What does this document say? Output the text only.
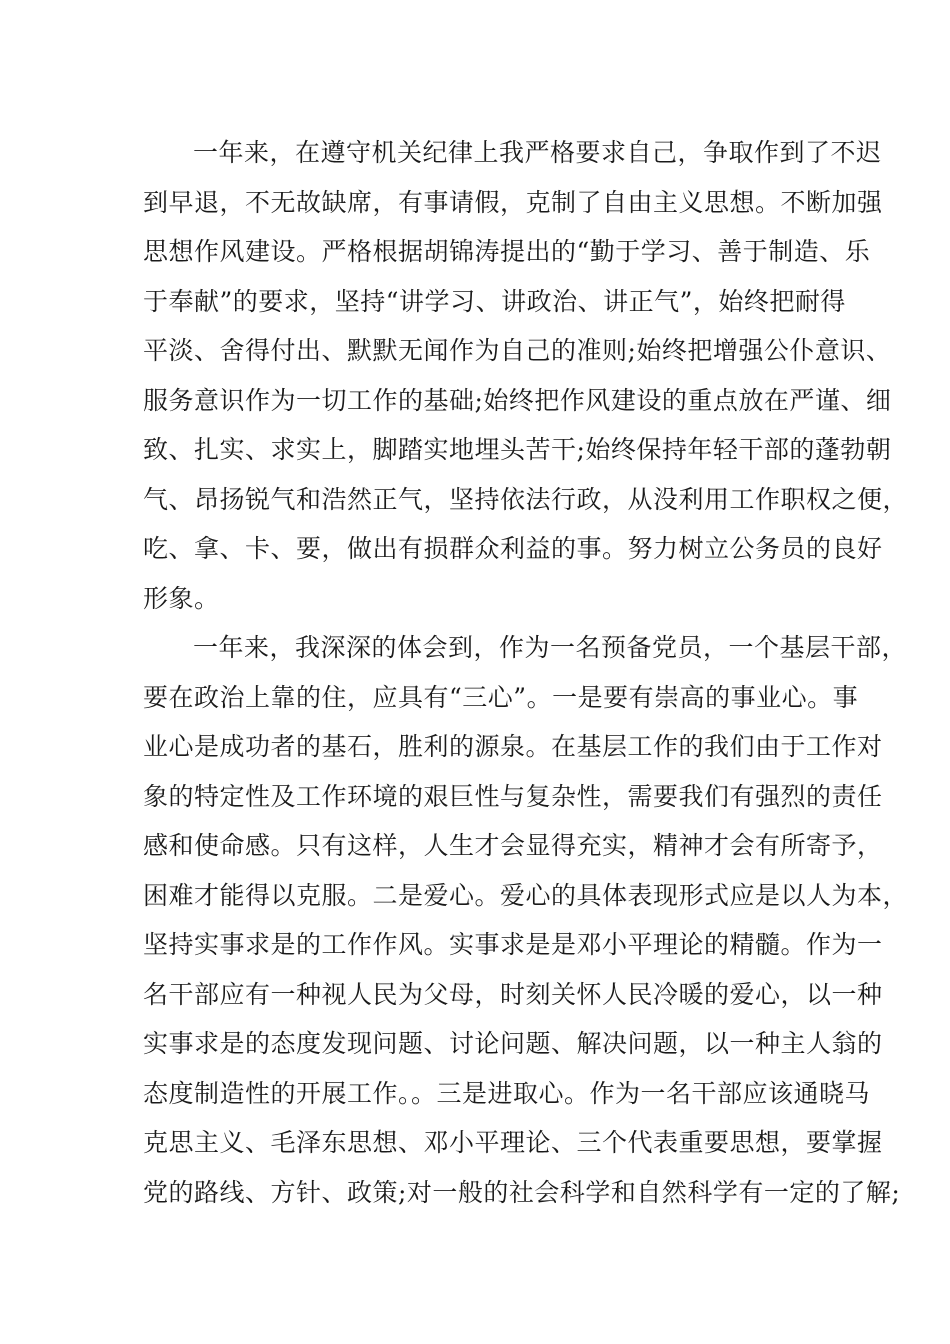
一年来，在遵守机关纪律上我严格要求自己，争取作到了不迟
到早退，不无故缺席，有事请假，克制了自由主义思想。不断加强
思想作风建设。严格根据胡锦涛提出的“勤于学习、善于制造、乐
于奉献”的要求，坚持“讲学习、讲政治、讲正气”，始终把耐得
平淡、舍得付出、默默无闻作为自己的准则;始终把增强公仆意识、
服务意识作为一切工作的基础;始终把作风建设的重点放在严谨、细
致、扎实、求实上，脚踏实地埋头苦干;始终保持年轻干部的蓬勃朝
气、昂扬锐气和浩然正气，坚持依法行政，从没利用工作职权之便，
吃、拿、卡、要，做出有损群众利益的事。努力树立公务员的良好
形象。
一年来，我深深的体会到，作为一名预备党员，一个基层干部，
要在政治上靠的住，应具有“三心”。一是要有崇高的事业心。事
业心是成功者的基石，胜利的源泉。在基层工作的我们由于工作对
象的特定性及工作环境的艰巨性与复杂性，需要我们有强烈的责任
感和使命感。只有这样，人生才会显得充实，精神才会有所寄予，
困难才能得以克服。二是爱心。爱心的具体表现形式应是以人为本，
坚持实事求是的工作作风。实事求是是邓小平理论的精髓。作为一
名干部应有一种视人民为父母，时刻关怀人民冷暖的爱心，以一种
实事求是的态度发现问题、讨论问题、解决问题，以一种主人翁的
态度制造性的开展工作。。三是进取心。作为一名干部应该通晓马
克思主义、毛泽东思想、邓小平理论、三个代表重要思想，要掌握
党的路线、方针、政策;对一般的社会科学和自然科学有一定的了解;
